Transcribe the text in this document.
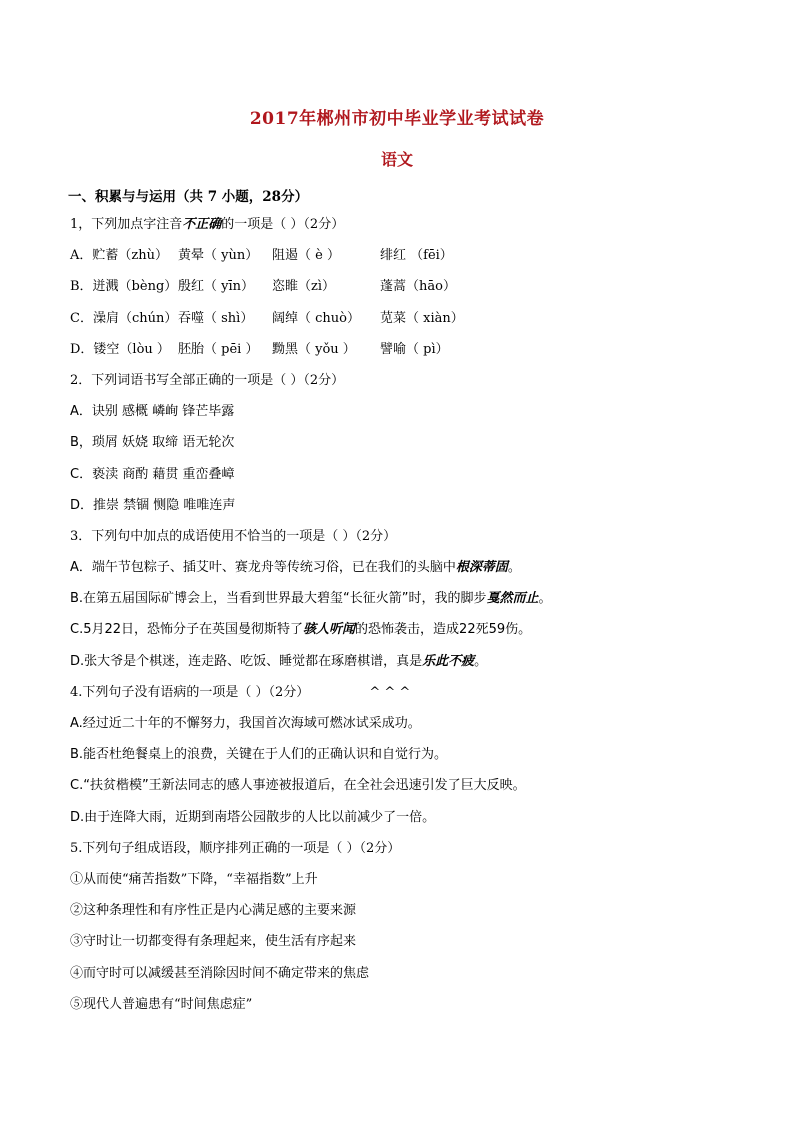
2017年郴州市初中毕业学业考试试卷
语文
一、积累与与运用（共 7 小题，28分）
1，下列加点字注音不正确的一项是（ ）（2分）
A．贮蓄（zhù） 黄晕（ yùn） 阻遏（ è ）	绯红 （fēi）
B．迸溅（bèng）殷红（ yīn） 恣睢（zì）	蓬蒿（hāo）
C．澡肩（chún）吞噬（ shì） 阔绰（ chuò） 苋菜（ xiàn）
D．镂空（lòu ） 胚胎（ pēi ） 黝黑（ yǒu ） 譬喻（ pì）
2．下列词语书写全部正确的一项是（ ）（2分）
A．诀别 感概 嶙峋 锋芒毕露
B，琐屑 妖娆 取缔 语无轮次
C．亵渎 商酌 藉贯 重峦叠嶂
D．推崇 禁锢 恻隐 唯唯连声
3．下列句中加点的成语使用不恰当的一项是（ ）（2分）
A．端午节包粽子、插艾叶、赛龙舟等传统习俗，已在我们的头脑中根深蒂固。
B.在第五届国际矿博会上，当看到世界最大碧玺“长征火箭”时，我的脚步戛然而止。
C.5月22日，恐怖分子在英国曼彻斯特了骇人听闻的恐怖袭击，造成22死59伤。
D.张大爷是个棋迷，连走路、吃饭、睡觉都在琢磨棋谱，真是乐此不疲。
4.下列句子没有语病的一项是（ ）（2分）	^ ^ ^
A.经过近二十年的不懈努力，我国首次海域可燃冰试采成功。
B.能否杜绝餐桌上的浪费，关键在于人们的正确认识和自觉行为。
C.“扶贫楷模”王新法同志的感人事迹被报道后，在全社会迅速引发了巨大反映。
D.由于连降大雨，近期到南塔公园散步的人比以前减少了一倍。
5.下列句子组成语段，顺序排列正确的一项是（ ）（2分）
①从而使“痛苦指数”下降，“幸福指数”上升
②这种条理性和有序性正是内心满足感的主要来源
③守时让一切都变得有条理起来，使生活有序起来
④而守时可以减缓甚至消除因时间不确定带来的焦虑
⑤现代人普遍患有“时间焦虑症”
